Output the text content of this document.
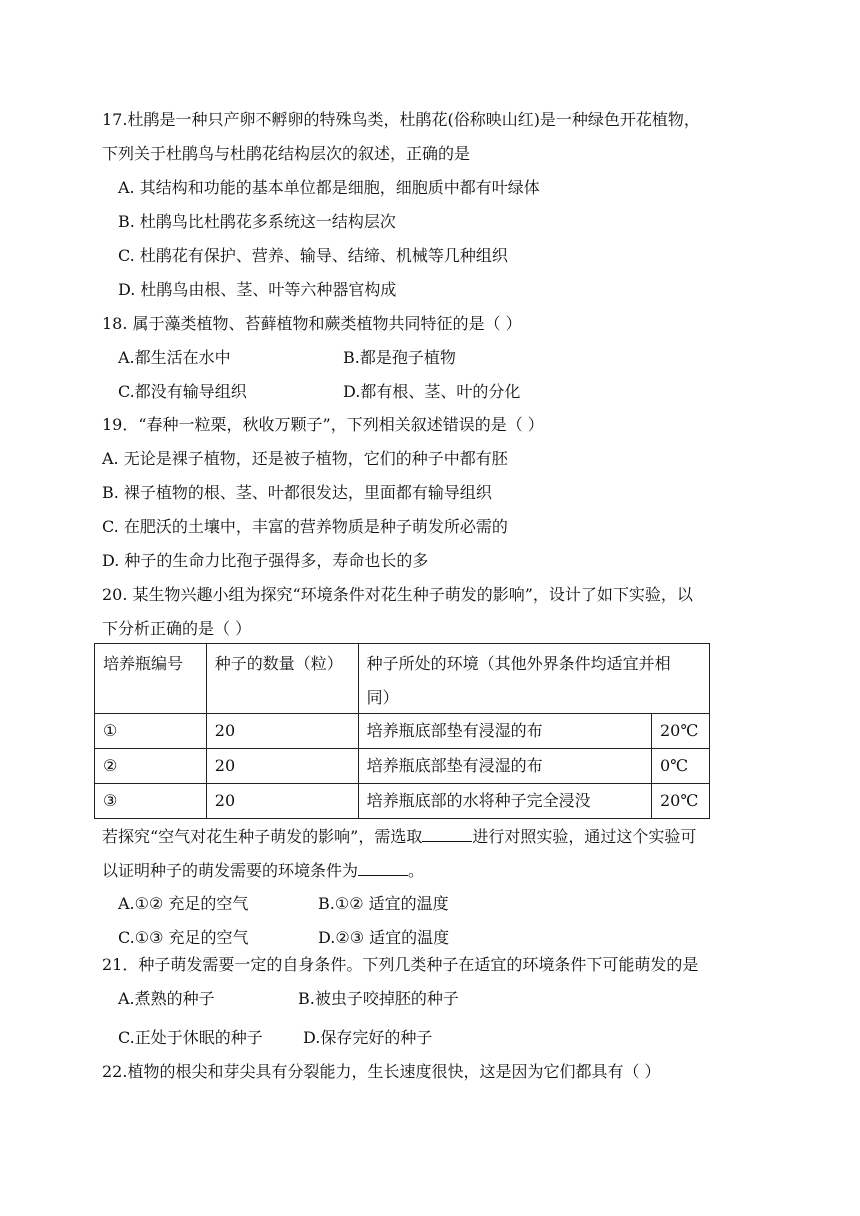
17.杜鹃是一种只产卵不孵卵的特殊鸟类，杜鹃花(俗称映山红)是一种绿色开花植物，
下列关于杜鹃鸟与杜鹃花结构层次的叙述，正确的是
A. 其结构和功能的基本单位都是细胞，细胞质中都有叶绿体
B. 杜鹃鸟比杜鹃花多系统这一结构层次
C. 杜鹃花有保护、营养、输导、结缔、机械等几种组织
D. 杜鹃鸟由根、茎、叶等六种器官构成
18. 属于藻类植物、苔藓植物和蕨类植物共同特征的是（ ）
A.都生活在水中	B.都是孢子植物
C.都没有输导组织	D.都有根、茎、叶的分化
19．“春种一粒栗，秋收万颗子”，下列相关叙述错误的是（ ）
A. 无论是裸子植物，还是被子植物，它们的种子中都有胚
B. 裸子植物的根、茎、叶都很发达，里面都有输导组织
C. 在肥沃的土壤中，丰富的营养物质是种子萌发所必需的
D. 种子的生命力比孢子强得多，寿命也长的多
20. 某生物兴趣小组为探究“环境条件对花生种子萌发的影响”，设计了如下实验，以
下分析正确的是（ ）
培养瓶编号	种子的数量（粒）	种子所处的环境（其他外界条件均适宜并相
同）	

①	20	培养瓶底部垫有浸湿的布	20℃
②	20	培养瓶底部垫有浸湿的布	0℃
③	20	培养瓶底部的水将种子完全浸没	20℃
若探究“空气对花生种子萌发的影响”，需选取	进行对照实验，通过这个实验可
以证明种子的萌发需要的环境条件为	。
A.①② 充足的空气	B.①② 适宜的温度
C.①③ 充足的空气	D.②③ 适宜的温度
21．种子萌发需要一定的自身条件。下列几类种子在适宜的环境条件下可能萌发的是
A.煮熟的种子	B.被虫子咬掉胚的种子
C.正处于休眠的种子	D.保存完好的种子
22.植物的根尖和芽尖具有分裂能力，生长速度很快，这是因为它们都具有（ ）
